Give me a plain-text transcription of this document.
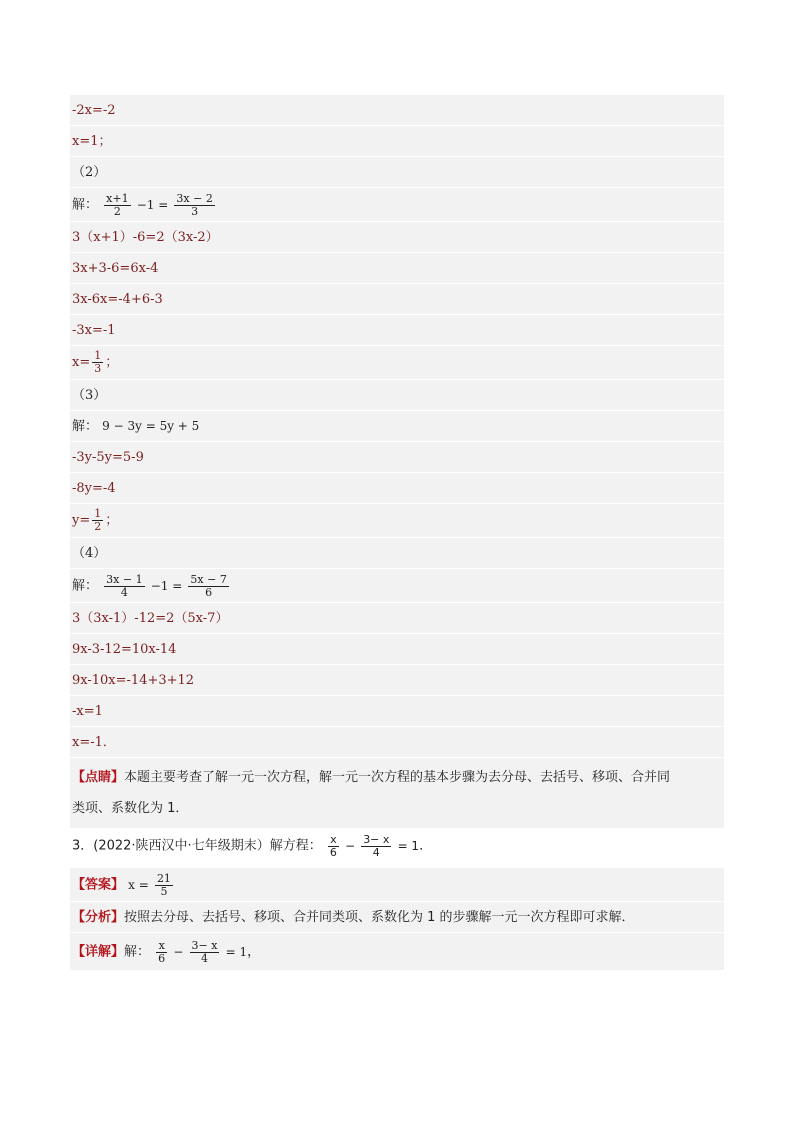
-2x=-2
x=1；
（2）
解： $\frac{x+1}{2} -1 = \frac{3x - 2}{3}$
3（x+1）-6=2（3x-2）
3x+3-6=6x-4
3x-6x=-4+6-3
-3x=-1
$x= \frac{1}{3}$ ；
（3）
解： 9 − 3y = 5y + 5
-3y-5y=5-9
-8y=-4
$y= \frac{1}{2}$ ；
（4）
解： $\frac{3x - 1}{4} -1 = \frac{5x - 7}{6}$
3（3x-1）-12=2（5x-7）
9x-3-12=10x-14
9x-10x=-14+3+12
-x=1
x=-1．
【点睛】本题主要考查了解一元一次方程，解一元一次方程的基本步骤为去分母、去括号、移项、合并同
类项、系数化为 1．
3．(2022·陕西汉中·七年级期末）解方程： $\frac{x}{6} - \frac{3- x}{4} = 1$．
【答案】 $x = \frac{21}{5}$
【分析】按照去分母、去括号、移项、合并同类项、系数化为 1 的步骤解一元一次方程即可求解．
【详解】解： $\frac{x}{6} - \frac{3- x}{4} = 1$，
